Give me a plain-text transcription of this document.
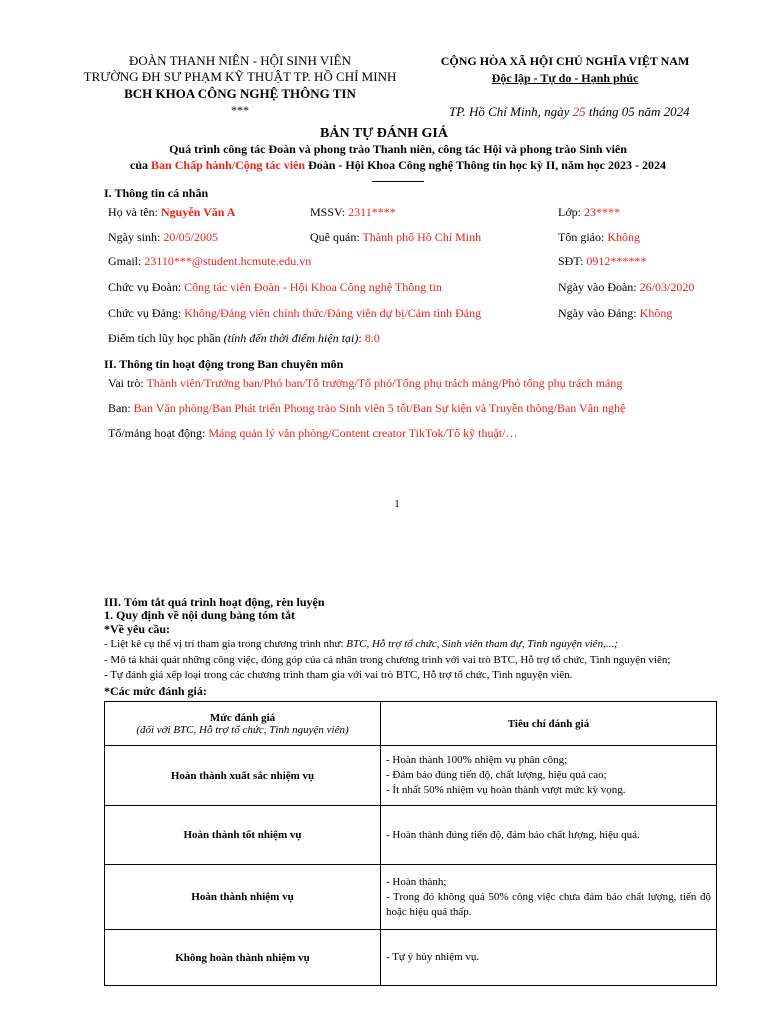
ĐOÀN THANH NIÊN - HỘI SINH VIÊN
TRƯỜNG ĐH SƯ PHẠM KỸ THUẬT TP. HỒ CHÍ MINH
BCH KHOA CÔNG NGHỆ THÔNG TIN
***
CỘNG HÒA XÃ HỘI CHỦ NGHĨA VIỆT NAM
Độc lập - Tự do - Hạnh phúc
TP. Hồ Chí Minh, ngày 25 tháng 05 năm 2024
BẢN TỰ ĐÁNH GIÁ
Quá trình công tác Đoàn và phong trào Thanh niên, công tác Hội và phong trào Sinh viên
của Ban Chấp hành/Cộng tác viên Đoàn - Hội Khoa Công nghệ Thông tin học kỳ II, năm học 2023 - 2024
I. Thông tin cá nhân
Họ và tên: Nguyễn Văn A	MSSV: 2311****	Lớp: 23****
Ngày sinh: 20/05/2005	Quê quán: Thành phố Hồ Chí Minh	Tôn giáo: Không
Gmail: 23110***@student.hcmute.edu.vn	SĐT: 0912******
Chức vụ Đoàn: Công tác viên Đoàn - Hội Khoa Công nghệ Thông tin	Ngày vào Đoàn: 26/03/2020
Chức vụ Đảng: Không/Đảng viên chính thức/Đảng viên dự bị/Cảm tình Đảng	Ngày vào Đảng: Không
Điểm tích lũy học phần (tính đến thời điểm hiện tại): 8.0
II. Thông tin hoạt động trong Ban chuyên môn
Vai trò: Thành viên/Trưởng ban/Phó ban/Tổ trưởng/Tổ phó/Tổng phụ trách mảng/Phó tổng phụ trách mảng
Ban: Ban Văn phòng/Ban Phát triển Phong trào Sinh viên 5 tốt/Ban Sự kiện và Truyền thông/Ban Văn nghệ
Tổ/mảng hoạt động: Mảng quản lý văn phòng/Content creator TikTok/Tổ kỹ thuật/…
1
III. Tóm tắt quá trình hoạt động, rèn luyện
1. Quy định về nội dung bảng tóm tắt
*Về yêu cầu:
- Liệt kê cụ thể vị trí tham gia trong chương trình như: BTC, Hỗ trợ tổ chức, Sinh viên tham dự, Tình nguyện viên,...;
- Mô tả khái quát những công việc, đóng góp của cá nhân trong chương trình với vai trò BTC, Hỗ trợ tổ chức, Tình nguyện viên;
- Tự đánh giá xếp loại trong các chương trình tham gia với vai trò BTC, Hỗ trợ tổ chức, Tình nguyện viên.
*Các mức đánh giá:
Mức đánh giá
(đối với BTC, Hỗ trợ tổ chức, Tình nguyện viên)	Tiêu chí đánh giá
Hoàn thành xuất sắc nhiệm vụ	- Hoàn thành 100% nhiệm vụ phân công;
- Đảm bảo đúng tiến độ, chất lượng, hiệu quả cao;
- Ít nhất 50% nhiệm vụ hoàn thành vượt mức kỳ vọng.

Hoàn thành tốt nhiệm vụ	- Hoàn thành đúng tiến độ, đảm bảo chất lượng, hiệu quả.

Hoàn thành nhiệm vụ	- Hoàn thành;
- Trong đó không quá 50% công việc chưa đảm bảo chất lượng, tiến độ hoặc hiệu quả thấp.

Không hoàn thành nhiệm vụ	- Tự ý hủy nhiệm vụ.
